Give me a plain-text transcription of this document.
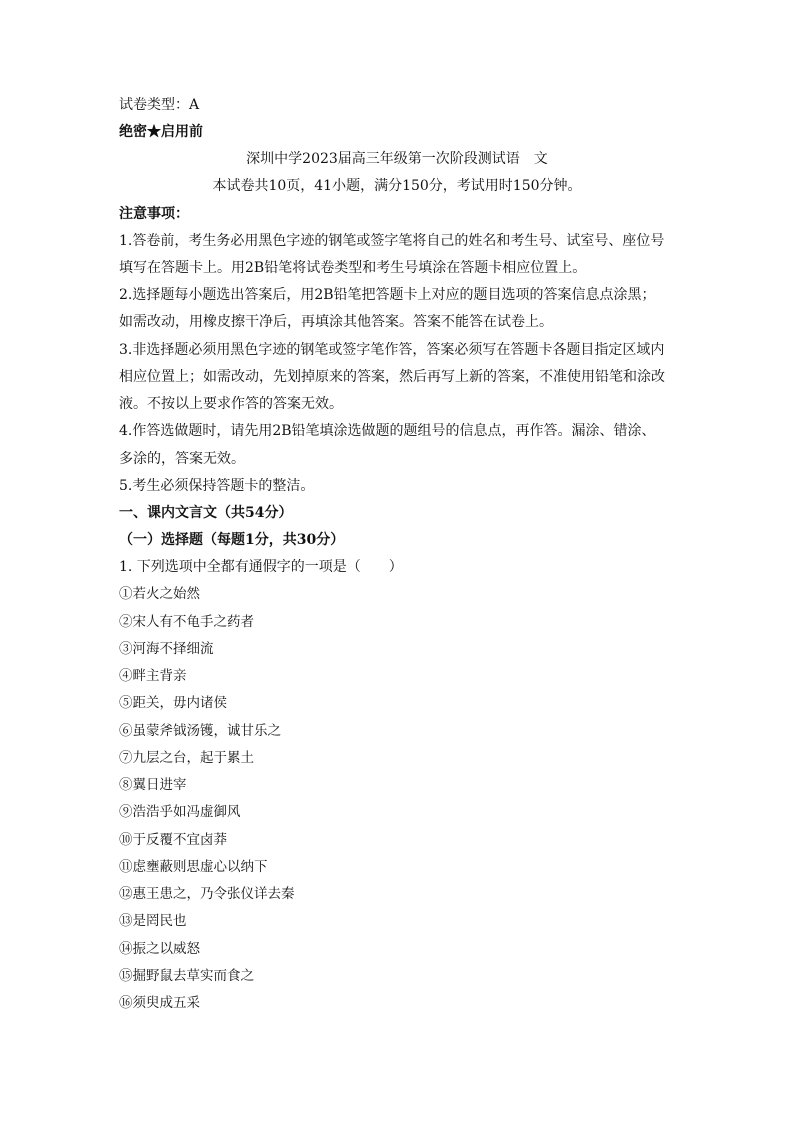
试卷类型：A
绝密★启用前
深圳中学2023届高三年级第一次阶段测试语　文
本试卷共10页，41小题，满分150分，考试用时150分钟。
注意事项：
1.答卷前，考生务必用黑色字迹的钢笔或签字笔将自己的姓名和考生号、试室号、座位号
填写在答题卡上。用2B铅笔将试卷类型和考生号填涂在答题卡相应位置上。
2.选择题每小题选出答案后，用2B铅笔把答题卡上对应的题目选项的答案信息点涂黑；
如需改动，用橡皮擦干净后，再填涂其他答案。答案不能答在试卷上。
3.非选择题必须用黑色字迹的钢笔或签字笔作答，答案必须写在答题卡各题目指定区域内
相应位置上；如需改动，先划掉原来的答案，然后再写上新的答案，不准使用铅笔和涂改
液。不按以上要求作答的答案无效。
4.作答选做题时，请先用2B铅笔填涂选做题的题组号的信息点，再作答。漏涂、错涂、
多涂的，答案无效。
5.考生必须保持答题卡的整洁。
一、课内文言文（共54分）
（一）选择题（每题1分，共30分）
1. 下列选项中全都有通假字的一项是（　　）
①若火之始然
②宋人有不龟手之药者
③河海不择细流
④畔主背亲
⑤距关，毋内诸侯
⑥虽蒙斧钺汤镬，诚甘乐之
⑦九层之台，起于累土
⑧翼日进宰
⑨浩浩乎如冯虚御风
⑩于反覆不宜卤莽
⑪虑壅蔽则思虚心以纳下
⑫惠王患之，乃令张仪详去秦
⑬是罔民也
⑭振之以威怒
⑮掘野鼠去草实而食之
⑯须臾成五采
